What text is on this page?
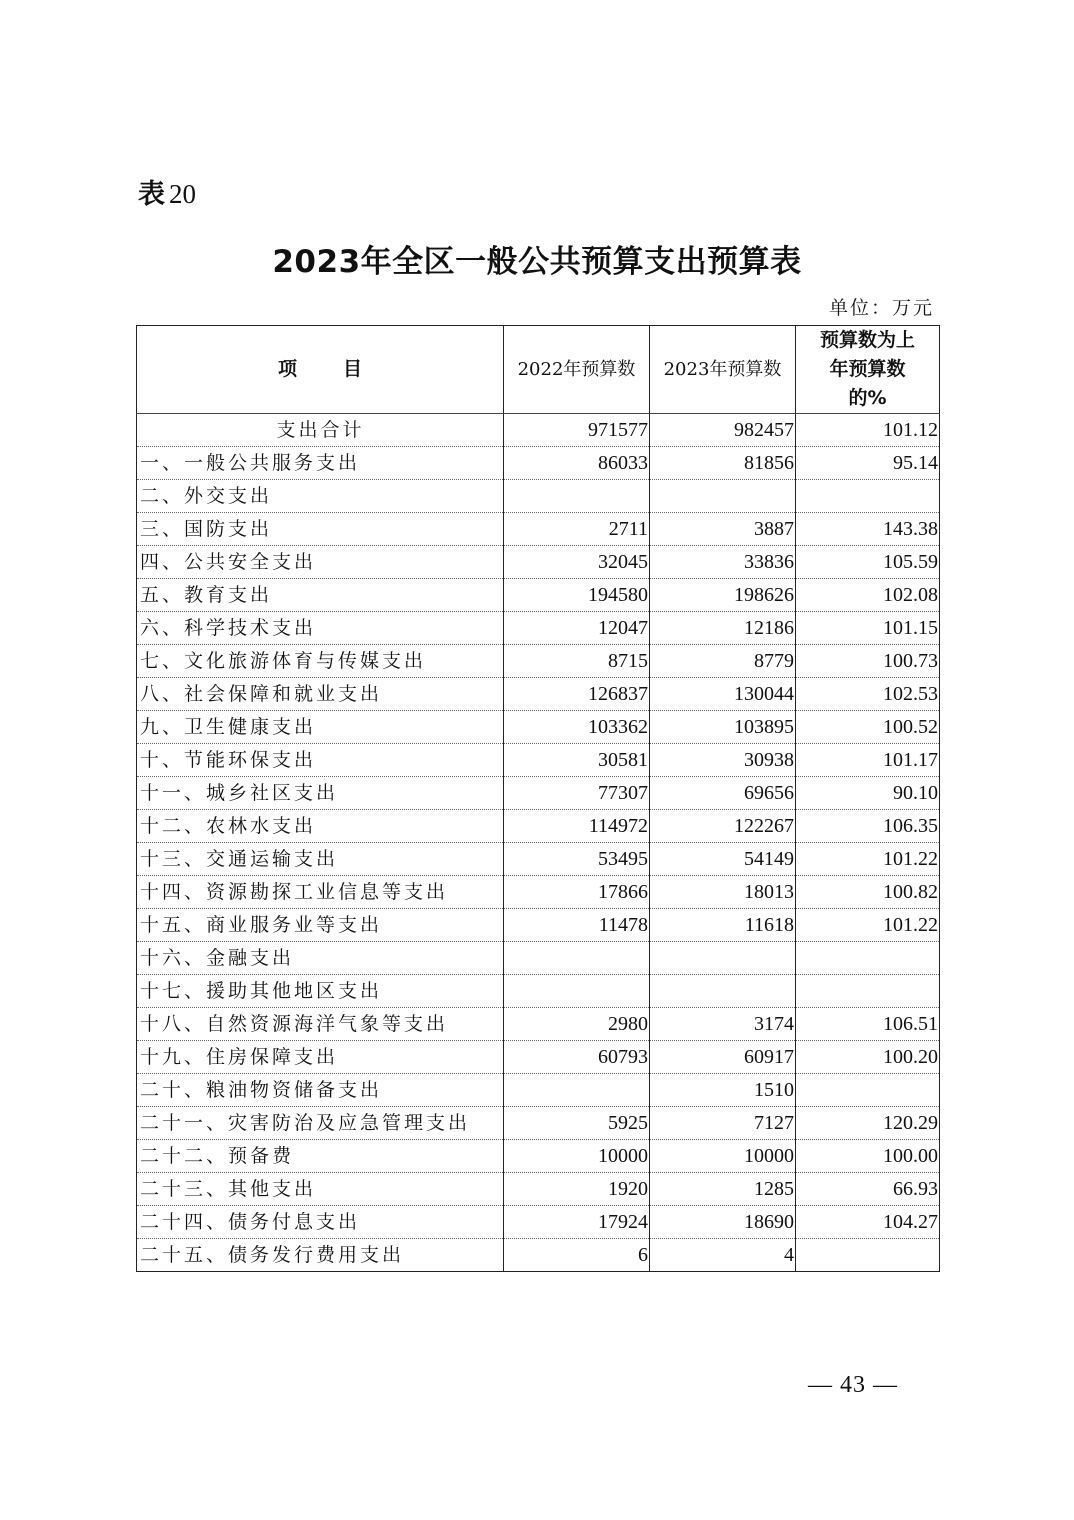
表 20
2023年全区一般公共预算支出预算表
单位：万元
项 目	2022年预算数	2023年预算数	预算数为上年预算数的%
支出合计	971577	982457	101.12
一、一般公共服务支出	86033	81856	95.14
二、外交支出			
三、国防支出	2711	3887	143.38
四、公共安全支出	32045	33836	105.59
五、教育支出	194580	198626	102.08
六、科学技术支出	12047	12186	101.15
七、文化旅游体育与传媒支出	8715	8779	100.73
八、社会保障和就业支出	126837	130044	102.53
九、卫生健康支出	103362	103895	100.52
十、节能环保支出	30581	30938	101.17
十一、城乡社区支出	77307	69656	90.10
十二、农林水支出	114972	122267	106.35
十三、交通运输支出	53495	54149	101.22
十四、资源勘探工业信息等支出	17866	18013	100.82
十五、商业服务业等支出	11478	11618	101.22
十六、金融支出			
十七、援助其他地区支出			
十八、自然资源海洋气象等支出	2980	3174	106.51
十九、住房保障支出	60793	60917	100.20
二十、粮油物资储备支出		1510	
二十一、灾害防治及应急管理支出	5925	7127	120.29
二十二、预备费	10000	10000	100.00
二十三、其他支出	1920	1285	66.93
二十四、债务付息支出	17924	18690	104.27
二十五、债务发行费用支出	6	4	
— 43 —
